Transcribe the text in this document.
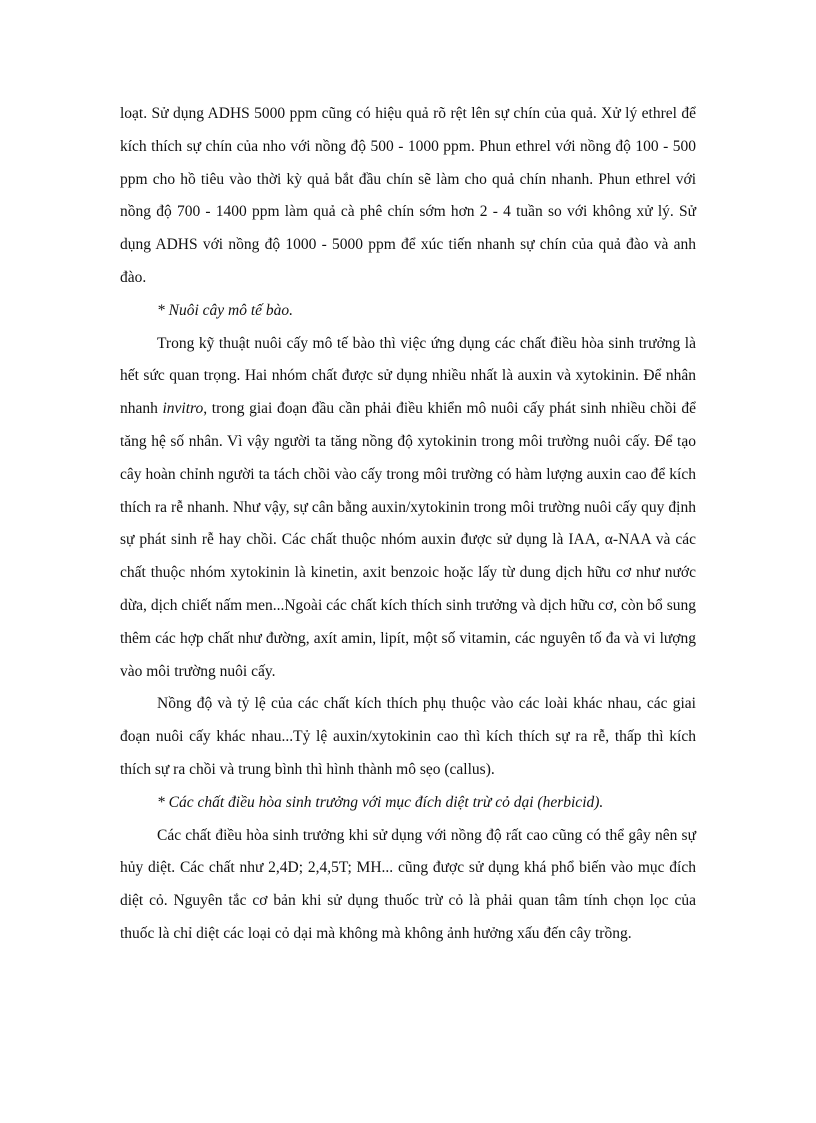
loạt. Sử dụng ADHS 5000 ppm cũng có hiệu quả rõ rệt lên sự chín của quả. Xử lý ethrel để kích thích sự chín của nho với nồng độ 500 - 1000 ppm. Phun ethrel với nồng độ 100 - 500 ppm cho hồ tiêu vào thời kỳ quả bắt đầu chín sẽ làm cho quả chín nhanh. Phun ethrel với nồng độ 700 - 1400 ppm làm quả cà phê chín sớm hơn 2 - 4 tuần so với không xử lý. Sử dụng ADHS với nồng độ 1000 - 5000 ppm để xúc tiến nhanh sự chín của quả đào và anh đào.

* Nuôi cây mô tế bào.

Trong kỹ thuật nuôi cấy mô tế bào thì việc ứng dụng các chất điều hòa sinh trưởng là hết sức quan trọng. Hai nhóm chất được sử dụng nhiều nhất là auxin và xytokinin. Để nhân nhanh invitro, trong giai đoạn đầu cần phải điều khiển mô nuôi cấy phát sinh nhiều chồi để tăng hệ số nhân. Vì vậy người ta tăng nồng độ xytokinin trong môi trường nuôi cấy. Để tạo cây hoàn chỉnh người ta tách chồi vào cấy trong môi trường có hàm lượng auxin cao để kích thích ra rễ nhanh. Như vậy, sự cân bằng auxin/xytokinin trong môi trường nuôi cấy quy định sự phát sinh rễ hay chồi. Các chất thuộc nhóm auxin được sử dụng là IAA, α-NAA và các chất thuộc nhóm xytokinin là kinetin, axit benzoic hoặc lấy từ dung dịch hữu cơ như nước dừa, dịch chiết nấm men...Ngoài các chất kích thích sinh trưởng và dịch hữu cơ, còn bổ sung thêm các hợp chất như đường, axít amin, lipít, một số vitamin, các nguyên tố đa và vi lượng vào môi trường nuôi cấy.

Nồng độ và tỷ lệ của các chất kích thích phụ thuộc vào các loài khác nhau, các giai đoạn nuôi cấy khác nhau...Tỷ lệ auxin/xytokinin cao thì kích thích sự ra rễ, thấp thì kích thích sự ra chồi và trung bình thì hình thành mô sẹo (callus).

* Các chất điều hòa sinh trưởng với mục đích diệt trừ cỏ dại (herbicid).

Các chất điều hòa sinh trưởng khi sử dụng với nồng độ rất cao cũng có thể gây nên sự hủy diệt. Các chất như 2,4D; 2,4,5T; MH... cũng được sử dụng khá phổ biến vào mục đích diệt cỏ. Nguyên tắc cơ bản khi sử dụng thuốc trừ cỏ là phải quan tâm tính chọn lọc của thuốc là chỉ diệt các loại cỏ dại mà không mà không ảnh hưởng xấu đến cây trồng.
